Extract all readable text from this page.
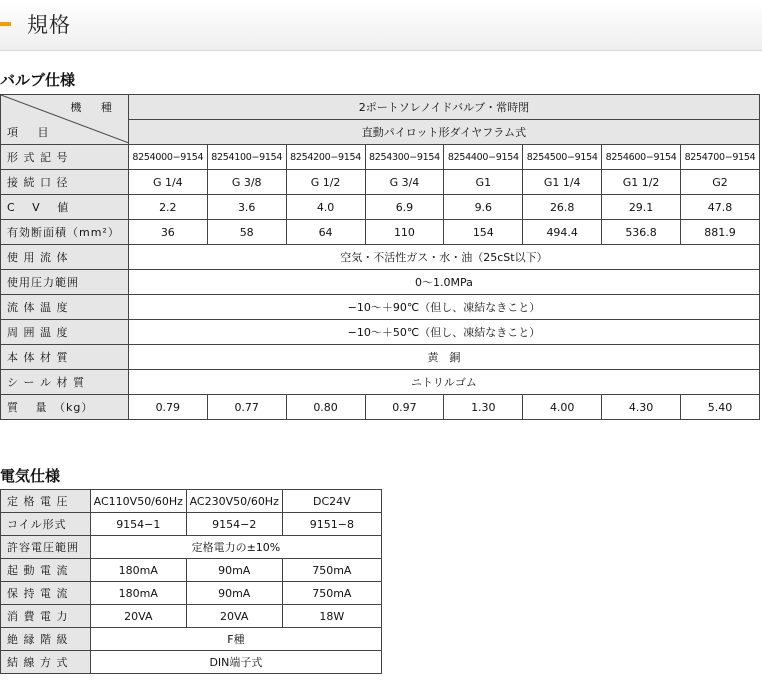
規格
バルブ仕様
機 種
項 目	2ポートソレノイドバルブ・常時閉							
	直動パイロット形ダイヤフラム式							
形 式 記 号	8254000−9154	8254100−9154	8254200−9154	8254300−9154	8254400−9154	8254500−9154	8254600−9154	8254700−9154
接 続 口 径	G 1/4	G 3/8	G 1/2	G 3/4	G1	G1 1/4	G1 1/2	G2
C　 V　 値	2.2	3.6	4.0	6.9	9.6	26.8	29.1	47.8
有効断面積（mm²）	36	58	64	110	154	494.4	536.8	881.9
使 用 流 体	空気・不活性ガス・水・油（25cSt以下）							
使用圧力範囲	0〜1.0MPa							
流 体 温 度	−10〜＋90℃（但し、凍結なきこと）							
周 囲 温 度	−10〜＋50℃（但し、凍結なきこと）							
本 体 材 質	黄　銅							
シ ー ル 材 質	ニトリルゴム							
質　 量　（kg）	0.79	0.77	0.80	0.97	1.30	4.00	4.30	5.40
電気仕様
定 格 電 圧	AC110V50/60Hz	AC230V50/60Hz	DC24V
コイル形式	9154−1	9154−2	9151−8
許容電圧範囲	定格電力の±10%		
起 動 電 流	180mA	90mA	750mA
保 持 電 流	180mA	90mA	750mA
消 費 電 力	20VA	20VA	18W
絶 縁 階 級	F種		
結 線 方 式	DIN端子式		
